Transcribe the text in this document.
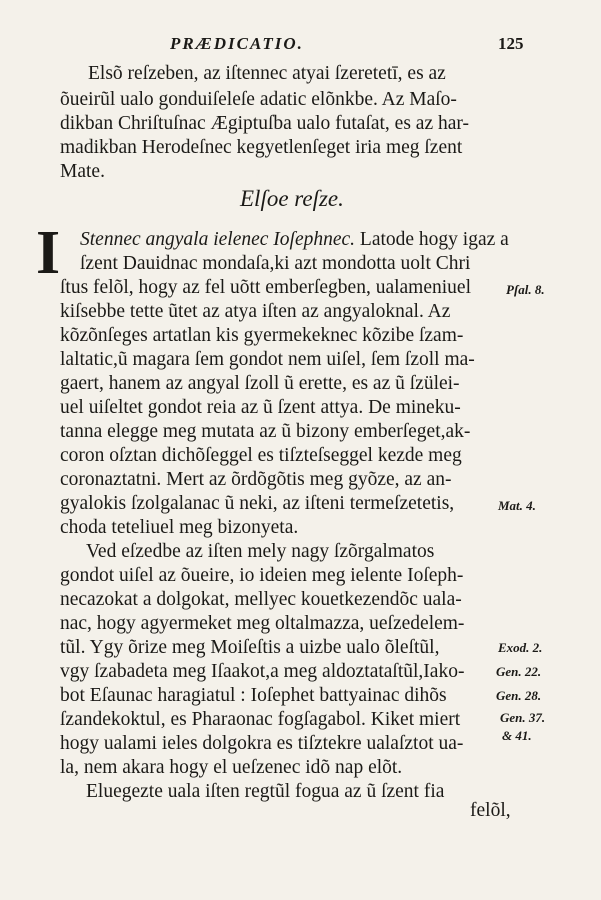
PRÆDICATIO.	125
Elsõ reſzeben, az iſtennec atyai ſzeretetī, es az
õueirũl ualo gonduiſeleſe adatic elõnkbe. Az Maſo-
dikban Chriſtuſnac Ægiptuſba ualo futaſat, es az har-
madikban Herodeſnec kegyetlenſeget iria meg ſzent
Mate.
Elſoe reſze.
I Stennec angyala ielenec Ioſephnec. Latode hogy igaz a
ſzent Dauidnac mondaſa,ki azt mondotta uolt Chri
ſtus felõl, hogy az fel uõtt emberſegben, ualameniuel
kiſsebbe tette ũtet az atya iſten az angyaloknal. Az
kõzõnſeges artatlan kis gyermekeknec kõzibe ſzam-
laltatic,ũ magara ſem gondot nem uiſel, ſem ſzoll ma-
gaert, hanem az angyal ſzoll ũ erette, es az ũ ſzülei-
uel uiſeltet gondot reia az ũ ſzent attya. De mineku-
tanna elegge meg mutata az ũ bizony emberſeget,ak-
coron oſztan dichõſeggel es tiſzteſseggel kezde meg
coronaztatni. Mert az õrdõgõtis meg gyõze, az an-
gyalokis ſzolgalanac ũ neki, az iſteni termeſzetetis,
choda teteliuel meg bizonyeta.
Ved eſzedbe az iſten mely nagy ſzõrgalmatos
gondot uiſel az õueire, io ideien meg ielente Ioſeph-
necazokat a dolgokat, mellyec kouetkezendõc uala-
nac, hogy agyermeket meg oltalmazza, ueſzedelem-
tũl. Ygy õrize meg Moiſeſtis a uizbe ualo õleſtũl,
vgy ſzabadeta meg Iſaakot,a meg aldoztataſtũl,Iako-
bot Eſaunac haragiatul : Ioſephet battyainac dihõs
ſzandekoktul, es Pharaonac fogſagabol. Kiket miert
hogy ualami ieles dolgokra es tiſztekre ualaſztot ua-
la, nem akara hogy el ueſzenec idõ nap elõt.
Eluegezte uala iſten regtũl fogua az ũ ſzent fia
felõl,
Pſal. 8.
Mat. 4.
Exod. 2.
Gen. 22.
Gen. 28.
Gen. 37.
& 41.
